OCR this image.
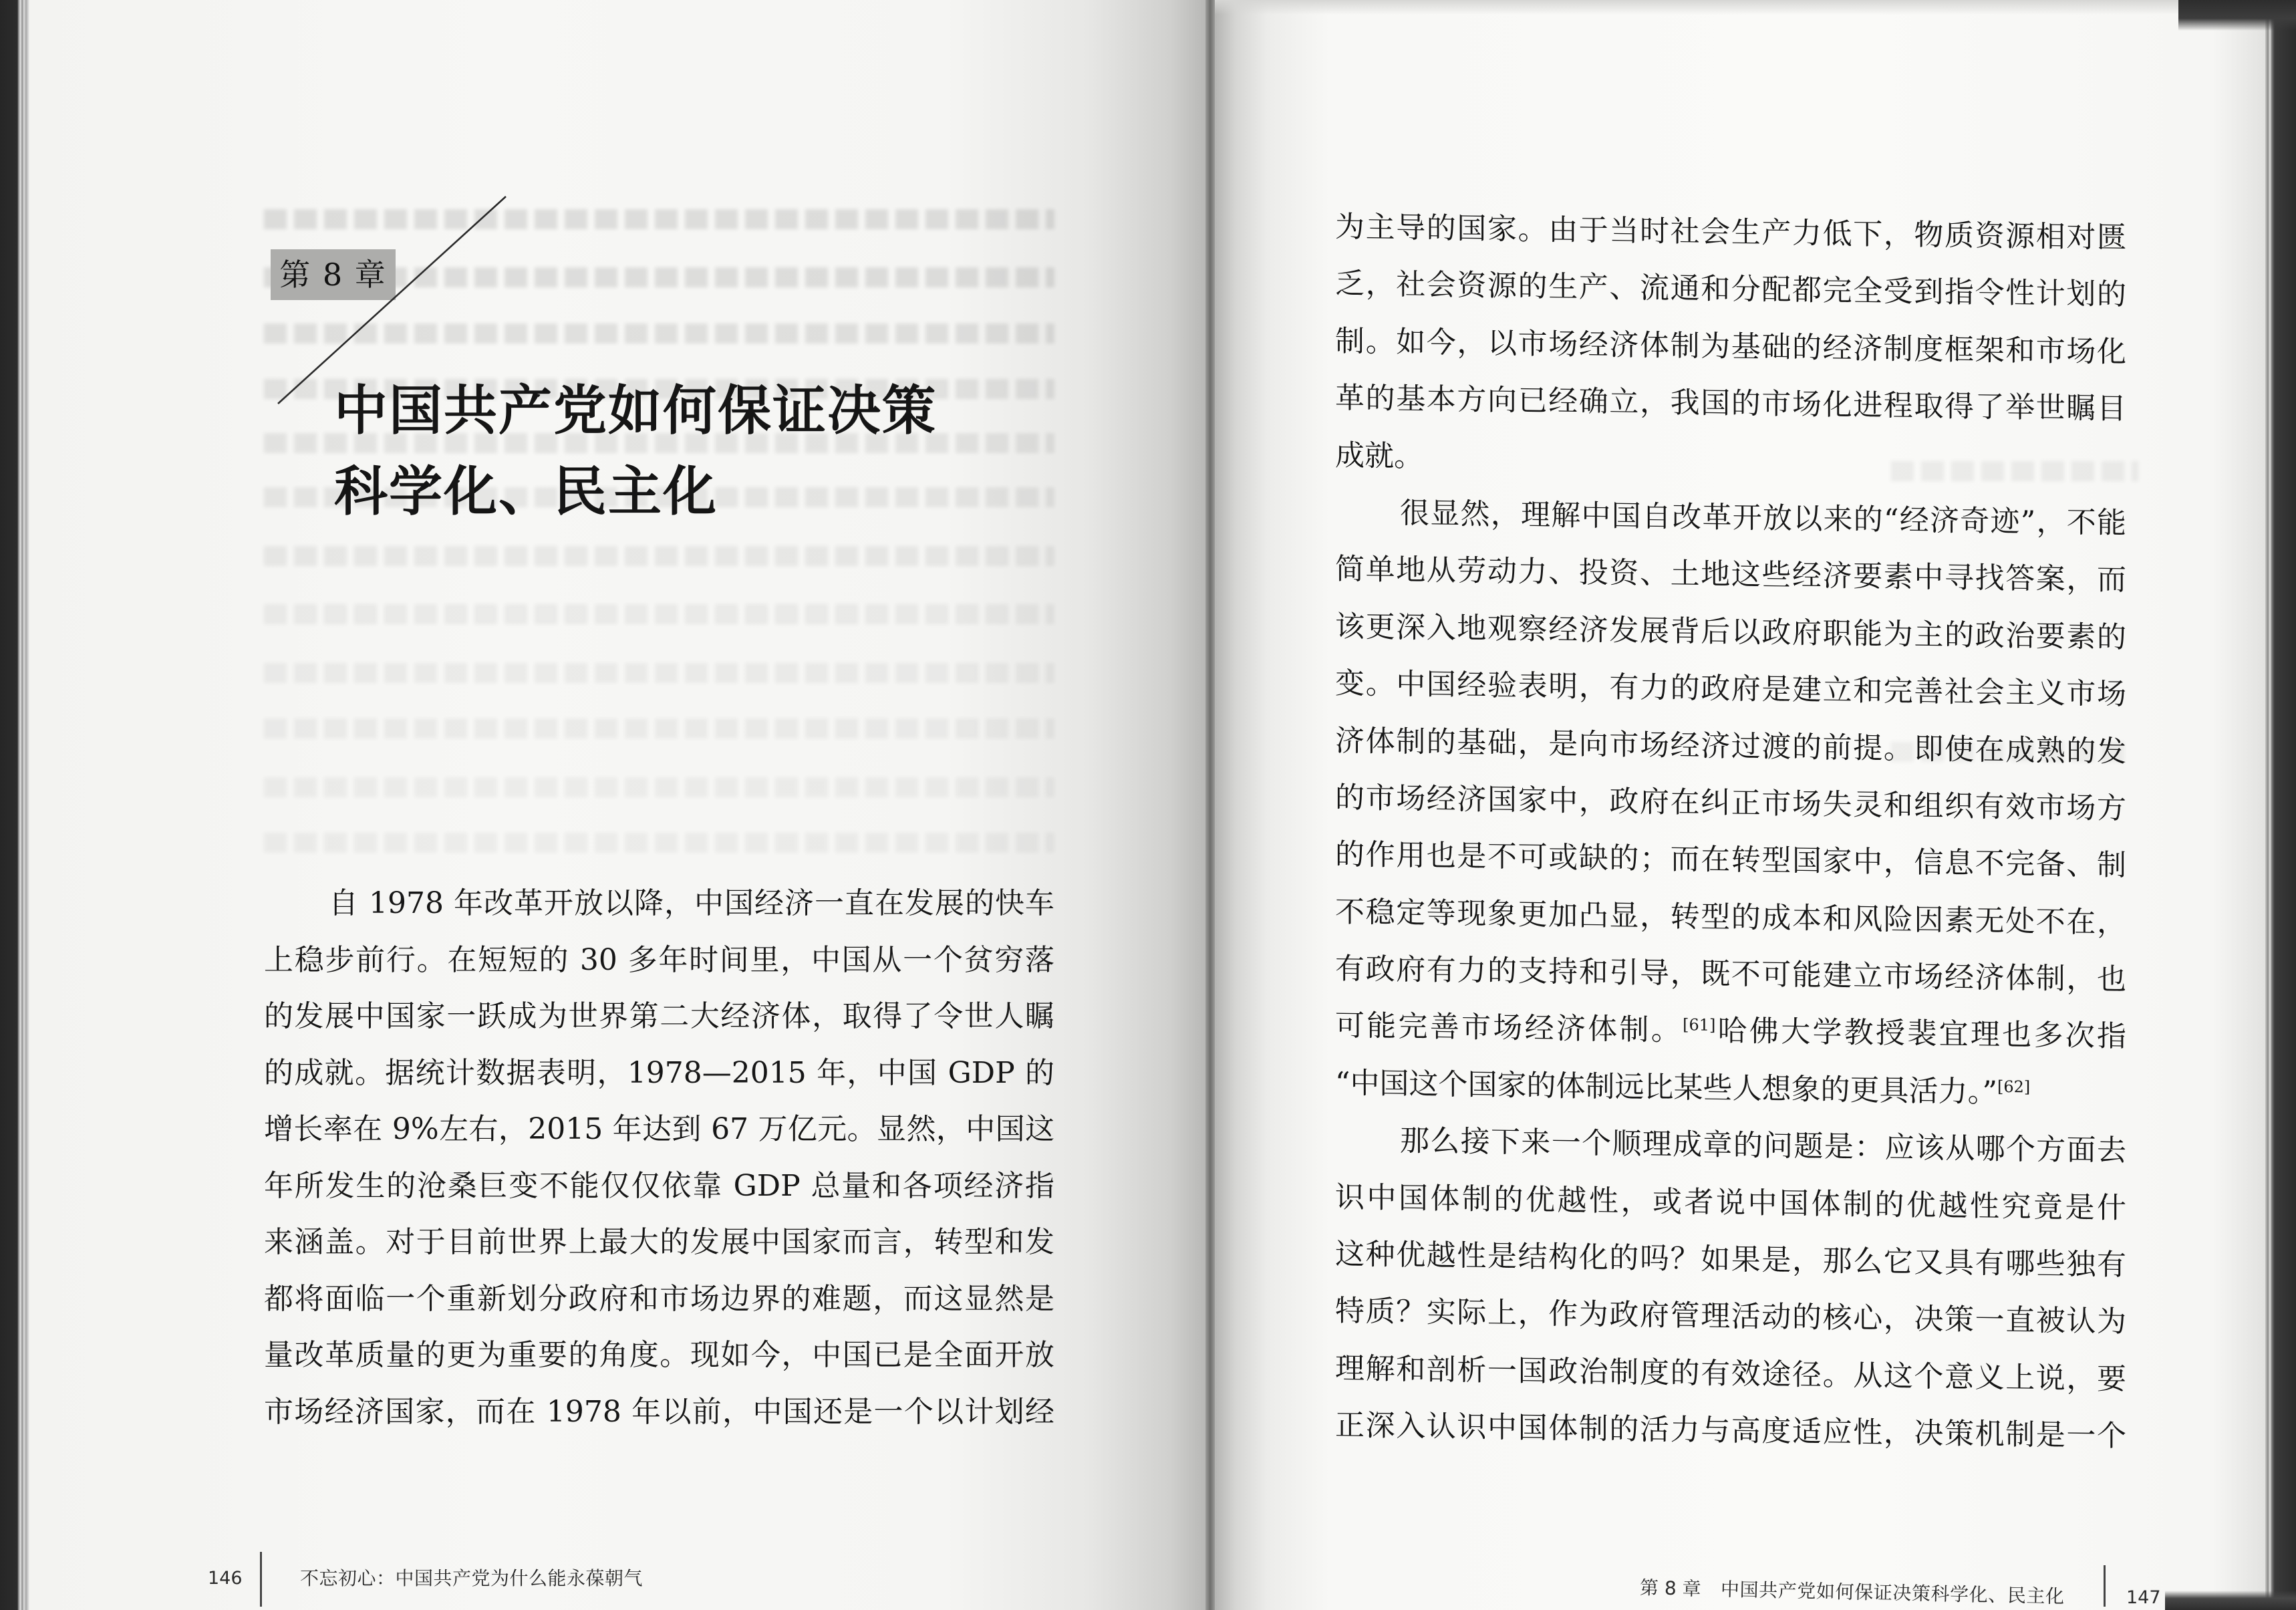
第 8 章
中国共产党如何保证决策
科学化、民主化
自 1978 年改革开放以降，中国经济一直在发展的快车
上稳步前行。在短短的 30 多年时间里，中国从一个贫穷落
的发展中国家一跃成为世界第二大经济体，取得了令世人瞩
的成就。据统计数据表明，1978—2015 年，中国 GDP 的
增长率在 9%左右，2015 年达到 67 万亿元。显然，中国这
年所发生的沧桑巨变不能仅仅依靠 GDP 总量和各项经济指
来涵盖。对于目前世界上最大的发展中国家而言，转型和发
都将面临一个重新划分政府和市场边界的难题，而这显然是
量改革质量的更为重要的角度。现如今，中国已是全面开放
市场经济国家，而在 1978 年以前，中国还是一个以计划经
146	不忘初心：中国共产党为什么能永葆朝气
为主导的国家。由于当时社会生产力低下，物质资源相对匮
乏，社会资源的生产、流通和分配都完全受到指令性计划的控
制。如今，以市场经济体制为基础的经济制度框架和市场化改
革的基本方向已经确立，我国的市场化进程取得了举世瞩目的
成就。
很显然，理解中国自改革开放以来的“经济奇迹”，不能
简单地从劳动力、投资、土地这些经济要素中寻找答案，而应
该更深入地观察经济发展背后以政府职能为主的政治要素的演
变。中国经验表明，有力的政府是建立和完善社会主义市场经
济体制的基础，是向市场经济过渡的前提。即使在成熟的发达
的市场经济国家中，政府在纠正市场失灵和组织有效市场方面
的作用也是不可或缺的；而在转型国家中，信息不完备、制度
不稳定等现象更加凸显，转型的成本和风险因素无处不在，没
有政府有力的支持和引导，既不可能建立市场经济体制，也不
可能完善市场经济体制。[61]哈佛大学教授裴宜理也多次指出：
“中国这个国家的体制远比某些人想象的更具活力。”[62]
那么接下来一个顺理成章的问题是：应该从哪个方面去认
识中国体制的优越性，或者说中国体制的优越性究竟是什么？
这种优越性是结构化的吗？如果是，那么它又具有哪些独有的
特质？实际上，作为政府管理活动的核心，决策一直被认为是
理解和剖析一国政治制度的有效途径。从这个意义上说，要真
正深入认识中国体制的活力与高度适应性，决策机制是一个可
第 8 章 中国共产党如何保证决策科学化、民主化	147
